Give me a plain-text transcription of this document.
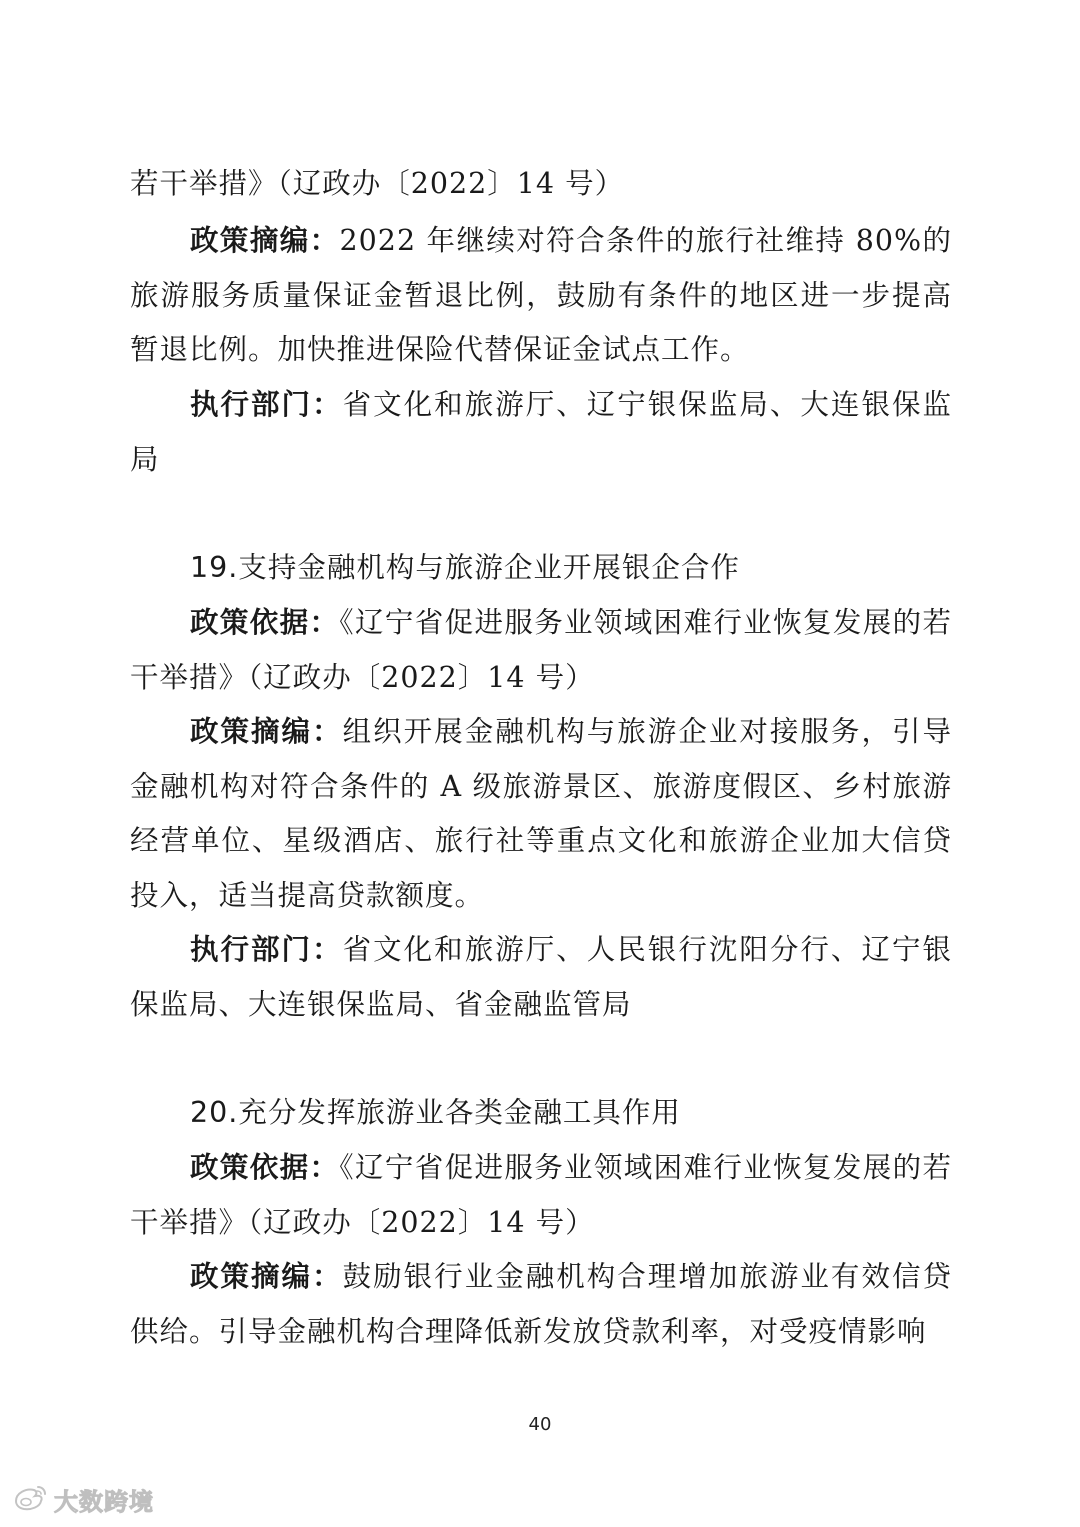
若干举措》（辽政办〔2022〕14 号）

政策摘编：2022 年继续对符合条件的旅行社维持 80%的旅游服务质量保证金暂退比例，鼓励有条件的地区进一步提高暂退比例。加快推进保险代替保证金试点工作。

执行部门：省文化和旅游厅、辽宁银保监局、大连银保监局

19.支持金融机构与旅游企业开展银企合作

政策依据：《辽宁省促进服务业领域困难行业恢复发展的若干举措》（辽政办〔2022〕14 号）

政策摘编：组织开展金融机构与旅游企业对接服务，引导金融机构对符合条件的 A 级旅游景区、旅游度假区、乡村旅游经营单位、星级酒店、旅行社等重点文化和旅游企业加大信贷投入，适当提高贷款额度。

执行部门：省文化和旅游厅、人民银行沈阳分行、辽宁银保监局、大连银保监局、省金融监管局

20.充分发挥旅游业各类金融工具作用

政策依据：《辽宁省促进服务业领域困难行业恢复发展的若干举措》（辽政办〔2022〕14 号）

政策摘编：鼓励银行业金融机构合理增加旅游业有效信贷供给。引导金融机构合理降低新发放贷款利率，对受疫情影响

40
大数跨境
